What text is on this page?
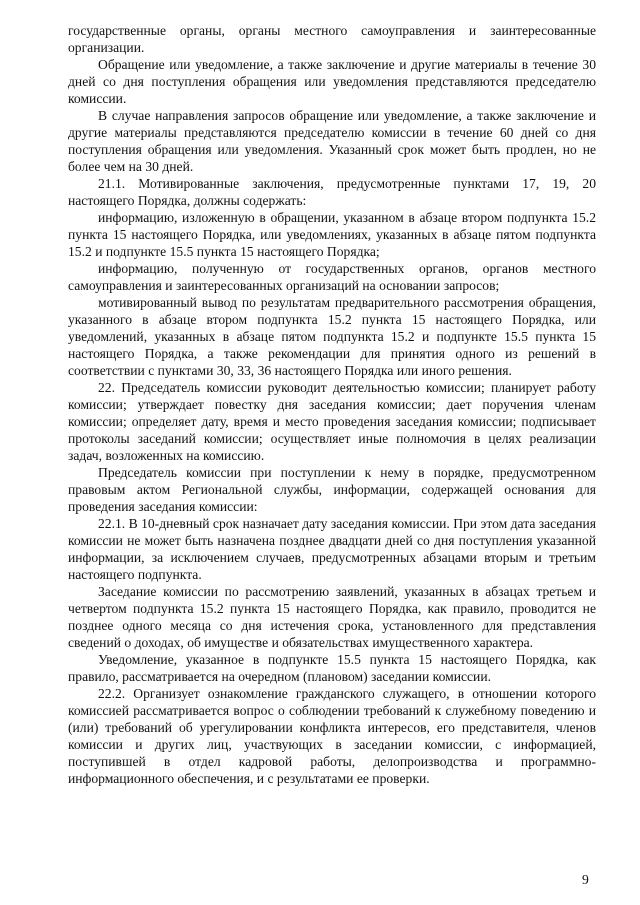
государственные органы, органы местного самоуправления и заинтересованные организации.

Обращение или уведомление, а также заключение и другие материалы в течение 30 дней со дня поступления обращения или уведомления представляются председателю комиссии.

В случае направления запросов обращение или уведомление, а также заключение и другие материалы представляются председателю комиссии в течение 60 дней со дня поступления обращения или уведомления. Указанный срок может быть продлен, но не более чем на 30 дней.

21.1. Мотивированные заключения, предусмотренные пунктами 17, 19, 20 настоящего Порядка, должны содержать:

информацию, изложенную в обращении, указанном в абзаце втором подпункта 15.2 пункта 15 настоящего Порядка, или уведомлениях, указанных в абзаце пятом подпункта 15.2 и подпункте 15.5 пункта 15 настоящего Порядка;

информацию, полученную от государственных органов, органов местного самоуправления и заинтересованных организаций на основании запросов;

мотивированный вывод по результатам предварительного рассмотрения обращения, указанного в абзаце втором подпункта 15.2 пункта 15 настоящего Порядка, или уведомлений, указанных в абзаце пятом подпункта 15.2 и подпункте 15.5 пункта 15 настоящего Порядка, а также рекомендации для принятия одного из решений в соответствии с пунктами 30, 33, 36 настоящего Порядка или иного решения.

22. Председатель комиссии руководит деятельностью комиссии; планирует работу комиссии; утверждает повестку дня заседания комиссии; дает поручения членам комиссии; определяет дату, время и место проведения заседания комиссии; подписывает протоколы заседаний комиссии; осуществляет иные полномочия в целях реализации задач, возложенных на комиссию.

Председатель комиссии при поступлении к нему в порядке, предусмотренном правовым актом Региональной службы, информации, содержащей основания для проведения заседания комиссии:

22.1. В 10-дневный срок назначает дату заседания комиссии. При этом дата заседания комиссии не может быть назначена позднее двадцати дней со дня поступления указанной информации, за исключением случаев, предусмотренных абзацами вторым и третьим настоящего подпункта.

Заседание комиссии по рассмотрению заявлений, указанных в абзацах третьем и четвертом подпункта 15.2 пункта 15 настоящего Порядка, как правило, проводится не позднее одного месяца со дня истечения срока, установленного для представления сведений о доходах, об имуществе и обязательствах имущественного характера.

Уведомление, указанное в подпункте 15.5 пункта 15 настоящего Порядка, как правило, рассматривается на очередном (плановом) заседании комиссии.

22.2. Организует ознакомление гражданского служащего, в отношении которого комиссией рассматривается вопрос о соблюдении требований к служебному поведению и (или) требований об урегулировании конфликта интересов, его представителя, членов комиссии и других лиц, участвующих в заседании комиссии, с информацией, поступившей в отдел кадровой работы, делопроизводства и программно-информационного обеспечения, и с результатами ее проверки.

9
